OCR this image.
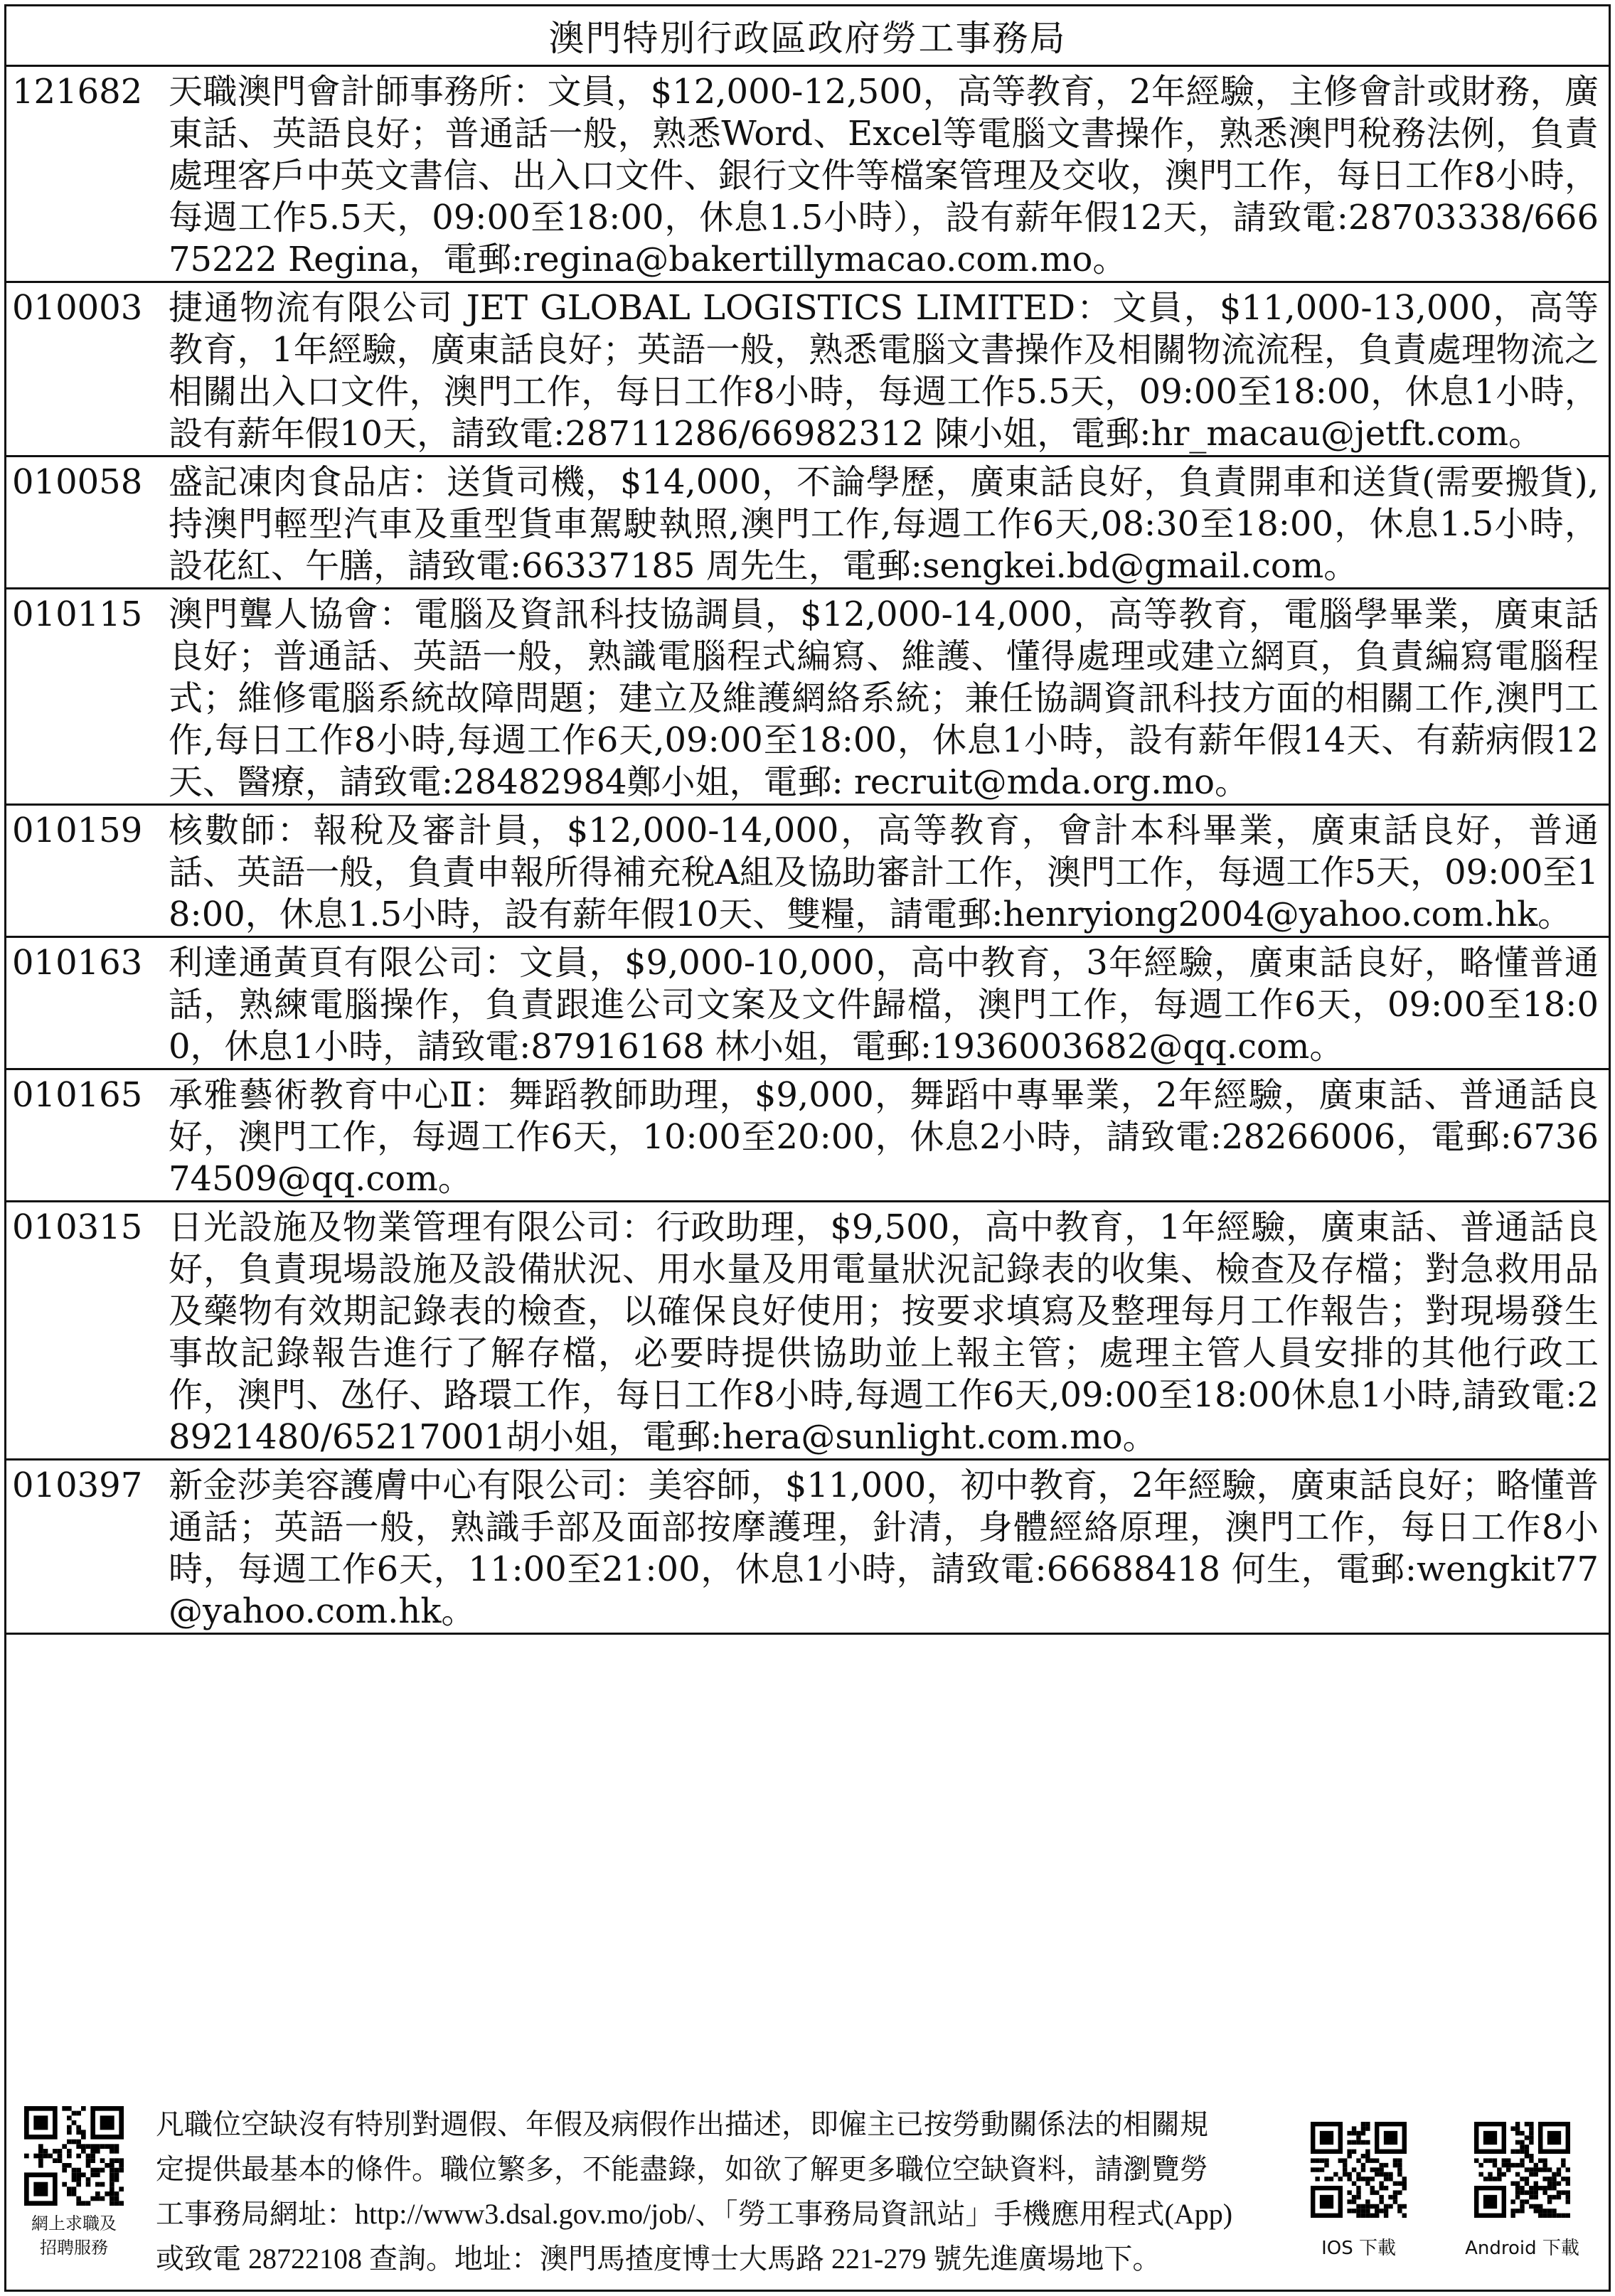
澳門特別行政區政府勞工事務局
121682 天職澳門會計師事務所：文員，$12,000-12,500，高等教育，2年經驗，主修會計或財務，廣東話、英語良好；普通話一般，熟悉Word、Excel等電腦文書操作，熟悉澳門稅務法例，負責處理客戶中英文書信、出入口文件、銀行文件等檔案管理及交收，澳門工作，每日工作8小時，每週工作5.5天，09:00至18:00，休息1.5小時），設有薪年假12天，請致電:28703338/66675222 Regina，電郵:regina@bakertillymacao.com.mo。
010003 捷通物流有限公司 JET GLOBAL LOGISTICS LIMITED：文員，$11,000-13,000，高等教育，1年經驗，廣東話良好；英語一般，熟悉電腦文書操作及相關物流流程，負責處理物流之相關出入口文件，澳門工作，每日工作8小時，每週工作5.5天，09:00至18:00，休息1小時，設有薪年假10天，請致電:28711286/66982312 陳小姐，電郵:hr_macau@jetft.com。
010058 盛記凍肉食品店：送貨司機，$14,000，不論學歷，廣東話良好，負責開車和送貨(需要搬貨),持澳門輕型汽車及重型貨車駕駛執照,澳門工作,每週工作6天,08:30至18:00，休息1.5小時，設花紅、午膳，請致電:66337185 周先生，電郵:sengkei.bd@gmail.com。
010115 澳門聾人協會：電腦及資訊科技協調員，$12,000-14,000，高等教育，電腦學畢業，廣東話良好；普通話、英語一般，熟識電腦程式編寫、維護、懂得處理或建立網頁，負責編寫電腦程式；維修電腦系統故障問題；建立及維護網絡系統；兼任協調資訊科技方面的相關工作,澳門工作,每日工作8小時,每週工作6天,09:00至18:00，休息1小時，設有薪年假14天、有薪病假12天、醫療，請致電:28482984鄭小姐，電郵: recruit@mda.org.mo。
010159 核數師：報稅及審計員，$12,000-14,000，高等教育，會計本科畢業，廣東話良好，普通話、英語一般，負責申報所得補充稅A組及協助審計工作，澳門工作，每週工作5天，09:00至18:00，休息1.5小時，設有薪年假10天、雙糧，請電郵:henryiong2004@yahoo.com.hk。
010163 利達通黃頁有限公司：文員，$9,000-10,000，高中教育，3年經驗，廣東話良好，略懂普通話，熟練電腦操作，負責跟進公司文案及文件歸檔，澳門工作，每週工作6天，09:00至18:00，休息1小時，請致電:87916168 林小姐，電郵:1936003682@qq.com。
010165 承雅藝術教育中心Ⅱ：舞蹈教師助理，$9,000，舞蹈中專畢業，2年經驗，廣東話、普通話良好，澳門工作，每週工作6天，10:00至20:00，休息2小時，請致電:28266006，電郵:673674509@qq.com。
010315 日光設施及物業管理有限公司：行政助理，$9,500，高中教育，1年經驗，廣東話、普通話良好，負責現場設施及設備狀況、用水量及用電量狀況記錄表的收集、檢查及存檔；對急救用品及藥物有效期記錄表的檢查，以確保良好使用；按要求填寫及整理每月工作報告；對現場發生事故記錄報告進行了解存檔，必要時提供協助並上報主管；處理主管人員安排的其他行政工作，澳門、氹仔、路環工作，每日工作8小時,每週工作6天,09:00至18:00休息1小時,請致電:28921480/65217001胡小姐，電郵:hera@sunlight.com.mo。
010397 新金莎美容護膚中心有限公司：美容師，$11,000，初中教育，2年經驗，廣東話良好；略懂普通話；英語一般，熟識手部及面部按摩護理，針清，身體經絡原理，澳門工作，每日工作8小時，每週工作6天，11:00至21:00，休息1小時，請致電:66688418 何生，電郵:wengkit77@yahoo.com.hk。
網上求職及
招聘服務
凡職位空缺沒有特別對週假、年假及病假作出描述，即僱主已按勞動關係法的相關規
定提供最基本的條件。職位繁多，不能盡錄，如欲了解更多職位空缺資料，請瀏覽勞
工事務局網址：http://www3.dsal.gov.mo/job/、「勞工事務局資訊站」手機應用程式(App)
或致電 28722108 查詢。地址：澳門馬揸度博士大馬路 221-279 號先進廣場地下。	IOS 下載	Android 下載
